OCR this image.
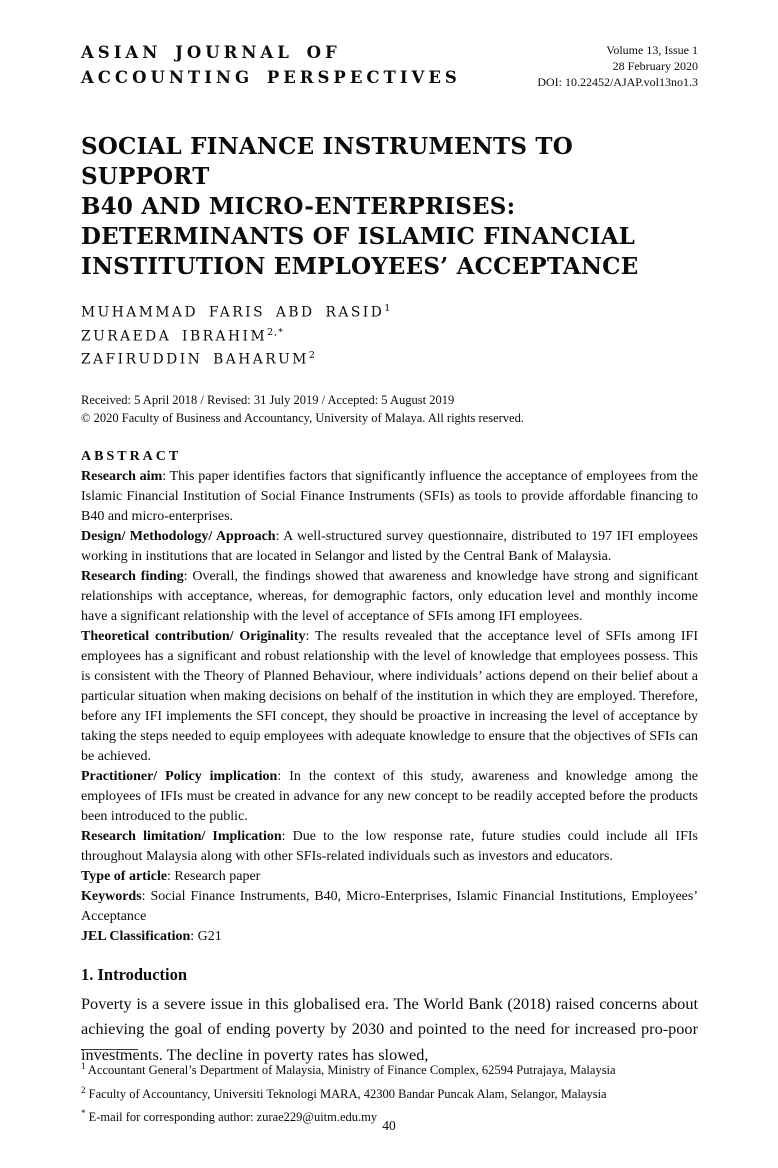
ASIAN JOURNAL OF
ACCOUNTING PERSPECTIVES
Volume 13, Issue 1
28 February 2020
DOI: 10.22452/AJAP.vol13no1.3
SOCIAL FINANCE INSTRUMENTS TO SUPPORT
B40 AND MICRO-ENTERPRISES:
DETERMINANTS OF ISLAMIC FINANCIAL
INSTITUTION EMPLOYEES’ ACCEPTANCE
MUHAMMAD FARIS ABD RASID$^1$
ZURAEDA $IBRAHIM^{2,*}$
ZAFIRUDDIN BAHARUM$^2$
Received: 5 April 2018 / Revised: 31 July 2019 / Accepted: 5 August 2019
© 2020 Faculty of Business and Accountancy, University of Malaya. All rights reserved.
ABSTRACT

Research aim: This paper identifies factors that significantly influence the acceptance of employees from the Islamic Financial Institution of Social Finance Instruments (SFIs) as tools to provide affordable financing to B40 and micro-enterprises.

Design/ Methodology/ Approach: A well-structured survey questionnaire, distributed to 197 IFI employees working in institutions that are located in Selangor and listed by the Central Bank of Malaysia.

Research finding: Overall, the findings showed that awareness and knowledge have strong and significant relationships with acceptance, whereas, for demographic factors, only education level and monthly income have a significant relationship with the level of acceptance of SFIs among IFI employees.

Theoretical contribution/ Originality: The results revealed that the acceptance level of SFIs among IFI employees has a significant and robust relationship with the level of knowledge that employees possess. This is consistent with the Theory of Planned Behaviour, where individuals’ actions depend on their belief about a particular situation when making decisions on behalf of the institution in which they are employed. Therefore, before any IFI implements the SFI concept, they should be proactive in increasing the level of acceptance by taking the steps needed to equip employees with adequate knowledge to ensure that the objectives of SFIs can be achieved.

Practitioner/ Policy implication: In the context of this study, awareness and knowledge among the employees of IFIs must be created in advance for any new concept to be readily accepted before the products been introduced to the public.

Research limitation/ Implication: Due to the low response rate, future studies could include all IFIs throughout Malaysia along with other SFIs-related individuals such as investors and educators.

Type of article: Research paper

Keywords: Social Finance Instruments, B40, Micro-Enterprises, Islamic Financial Institutions, Employees’ Acceptance

JEL Classification: G21

1. Introduction

Poverty is a severe issue in this globalised era. The World Bank (2018) raised concerns about achieving the goal of ending poverty by 2030 and pointed to the need for increased pro-poor investments. The decline in poverty rates has slowed,

$^1$ Accountant General’s Department of Malaysia, Ministry of Finance Complex, 62594 Putrajaya, Malaysia
$^2$ Faculty of Accountancy, Universiti Teknologi MARA, 42300 Bandar Puncak Alam, Selangor, Malaysia
* E-mail for corresponding author: zurae229@uitm.edu.my
40
